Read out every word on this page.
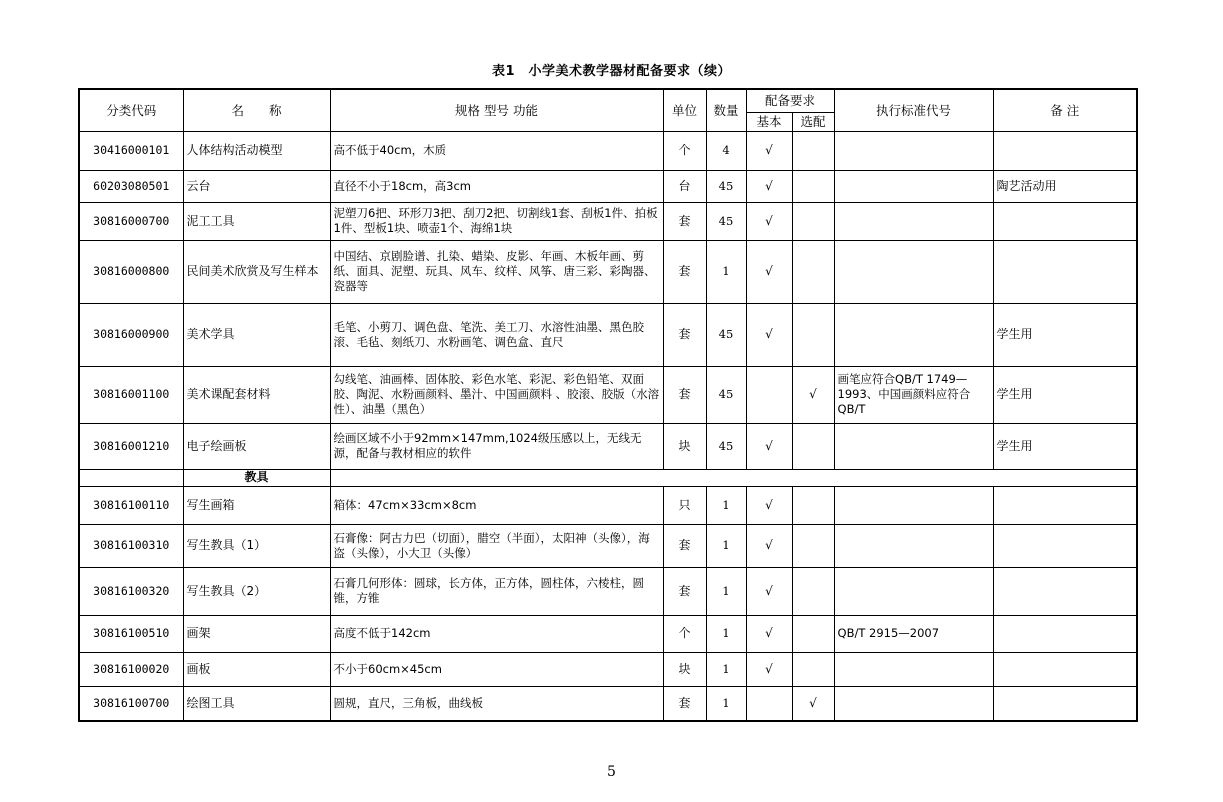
表1　小学美术教学器材配备要求（续）
分类代码	名　　称	规格 型号 功能	单位	数量	配备要求		执行标准代号	备 注
					基本	选配		
30416000101	人体结构活动模型	高不低于40cm，木质	个	4	√			
60203080501	云台	直径不小于18cm，高3cm	台	45	√			陶艺活动用
30816000700	泥工工具	泥塑刀6把、环形刀3把、刮刀2把、切割线1套、刮板1件、拍板1件、型板1块、喷壶1个、海绵1块	套	45	√			
30816000800	民间美术欣赏及写生样本	中国结、京剧脸谱、扎染、蜡染、皮影、年画、木板年画、剪纸、面具、泥塑、玩具、风车、纹样、风筝、唐三彩、彩陶器、瓷器等	套	1	√			
30816000900	美术学具	毛笔、小剪刀、调色盘、笔洗、美工刀、水溶性油墨、黑色胶滚、毛毡、刻纸刀、水粉画笔、调色盒、直尺	套	45	√			学生用
30816001100	美术课配套材料	勾线笔、油画棒、固体胶、彩色水笔、彩泥、彩色铅笔、双面胶、陶泥、水粉画颜料、墨汁、中国画颜料 、胶滚、胶版（水溶性）、油墨（黑色）	套	45		√	画笔应符合QB/T 1749—1993、中国画颜料应符合QB/T	学生用
30816001210	电子绘画板	绘画区域不小于92mm×147mm,1024级压感以上，无线无源，配备与教材相应的软件	块	45	√			学生用
	教具							
30816100110	写生画箱	箱体：47cm×33cm×8cm	只	1	√			
30816100310	写生教具（1）	石膏像：阿古力巴（切面），腊空（半面），太阳神（头像），海盗（头像），小大卫（头像）	套	1	√			
30816100320	写生教具（2）	石膏几何形体：圆球，长方体，正方体，圆柱体，六棱柱，圆锥，方锥	套	1	√			
30816100510	画架	高度不低于142cm	个	1	√		QB/T 2915—2007	
30816100020	画板	不小于60cm×45cm	块	1	√			
30816100700	绘图工具	圆规，直尺，三角板，曲线板	套	1		√		
5
